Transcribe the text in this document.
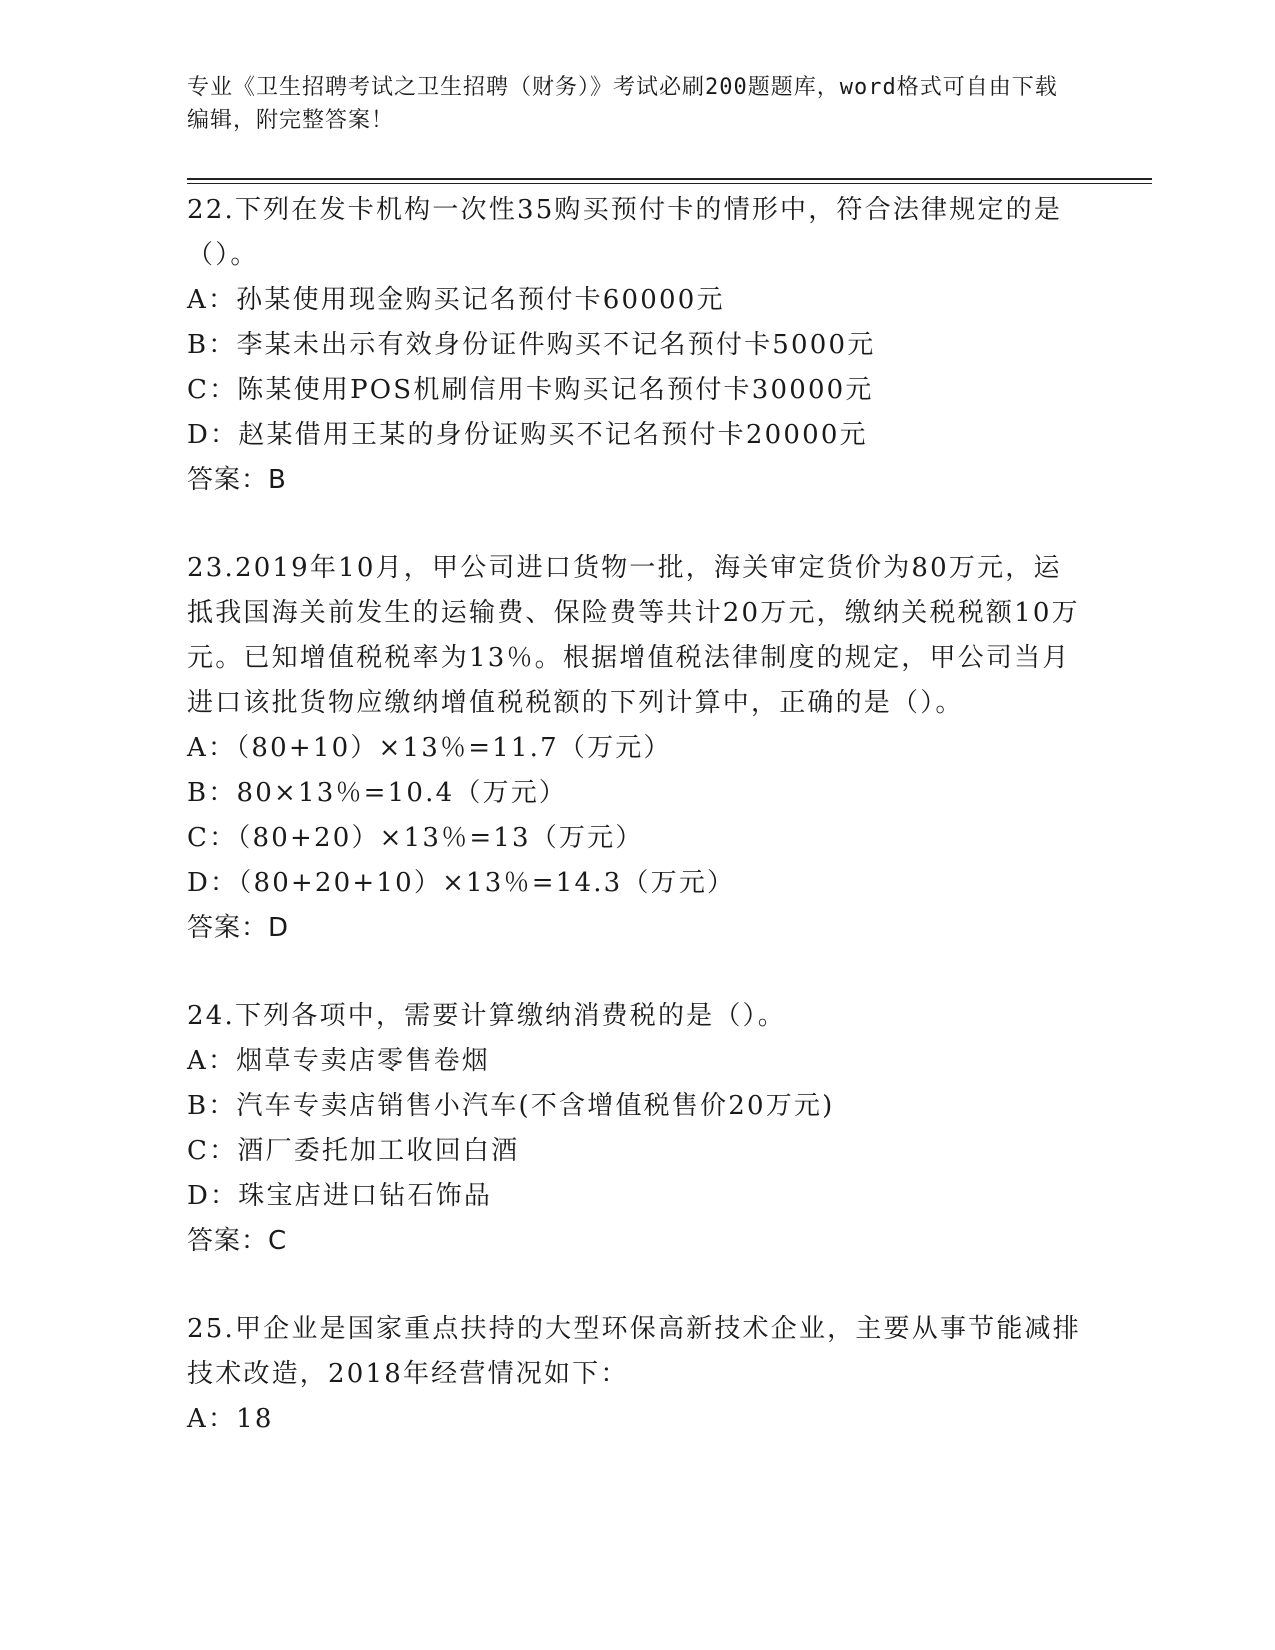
专业《卫生招聘考试之卫生招聘（财务）》考试必刷200题题库，word格式可自由下载编辑，附完整答案！

22.下列在发卡机构一次性35购买预付卡的情形中，符合法律规定的是（）。

A：孙某使用现金购买记名预付卡60000元

B：李某未出示有效身份证件购买不记名预付卡5000元

C：陈某使用POS机刷信用卡购买记名预付卡30000元

D：赵某借用王某的身份证购买不记名预付卡20000元

答案：B

23.2019年10月，甲公司进口货物一批，海关审定货价为80万元，运抵我国海关前发生的运输费、保险费等共计20万元，缴纳关税税额10万元。已知增值税税率为13％。根据增值税法律制度的规定，甲公司当月进口该批货物应缴纳增值税税额的下列计算中，正确的是（）。

A：（80+10）×13％=11.7（万元）

B：80×13％=10.4（万元）

C：（80+20）×13％=13（万元）

D：（80+20+10）×13％=14.3（万元）

答案：D

24.下列各项中，需要计算缴纳消费税的是（）。

A：烟草专卖店零售卷烟

B：汽车专卖店销售小汽车(不含增值税售价20万元)

C：酒厂委托加工收回白酒

D：珠宝店进口钻石饰品

答案：C

25.甲企业是国家重点扶持的大型环保高新技术企业，主要从事节能减排技术改造，2018年经营情况如下：

A：18
